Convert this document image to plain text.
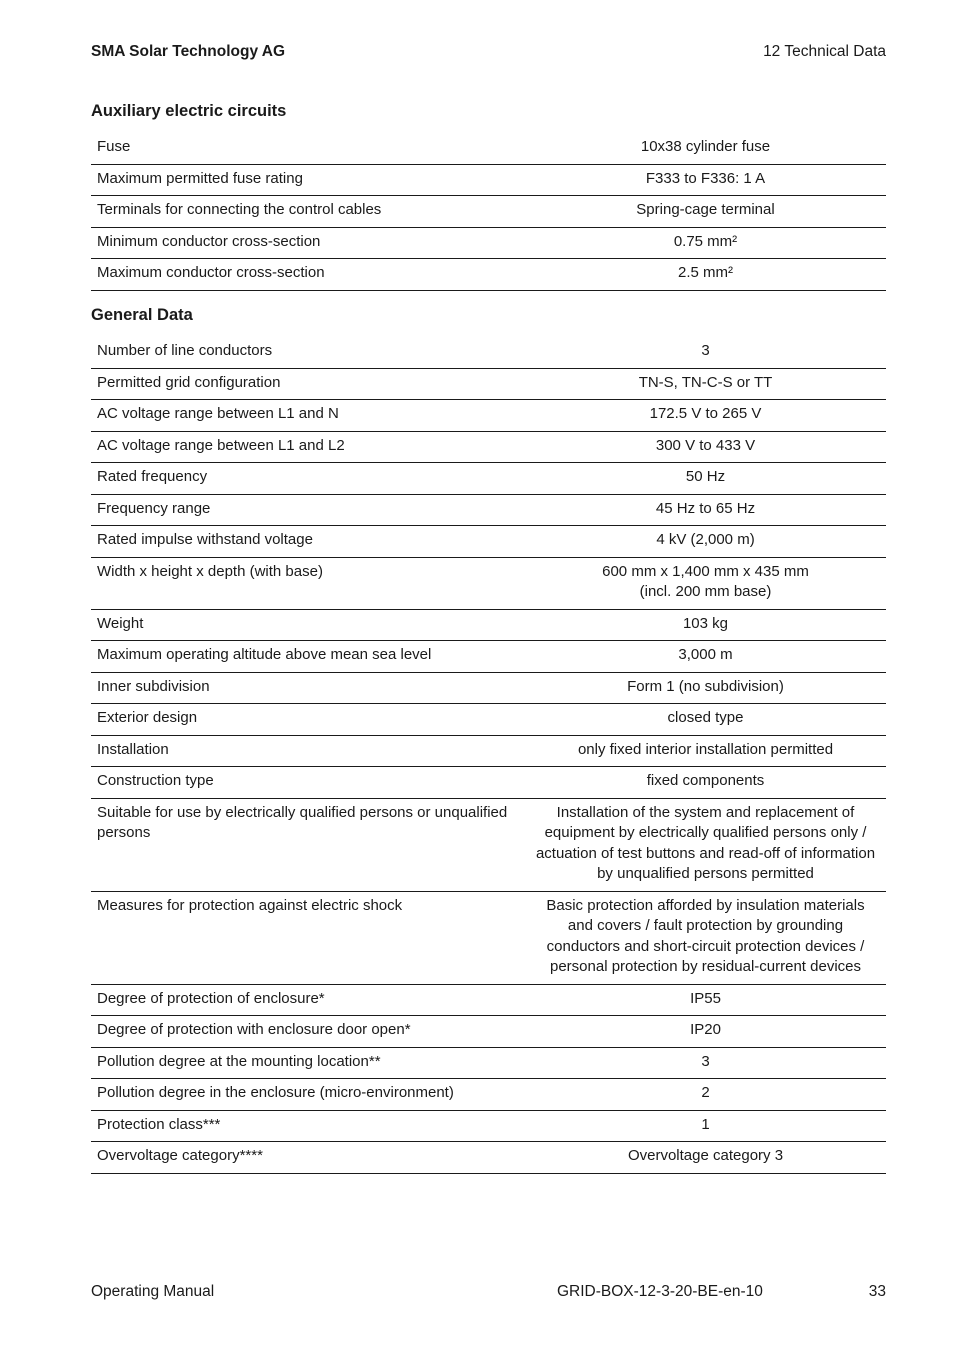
SMA Solar Technology AG	12 Technical Data
Auxiliary electric circuits
Fuse	10x38 cylinder fuse

Maximum permitted fuse rating	F333 to F336: 1 A

Terminals for connecting the control cables	Spring-cage terminal

Minimum conductor cross-section	0.75 mm²

Maximum conductor cross-section	2.5 mm²
General Data
Number of line conductors	3

Permitted grid configuration	TN-S, TN-C-S or TT

AC voltage range between L1 and N	172.5 V to 265 V

AC voltage range between L1 and L2	300 V to 433 V

Rated frequency	50 Hz

Frequency range	45 Hz to 65 Hz

Rated impulse withstand voltage	4 kV (2,000 m)

Width x height x depth (with base)	600 mm x 1,400 mm x 435 mm
(incl. 200 mm base)

Weight	103 kg

Maximum operating altitude above mean sea level	3,000 m

Inner subdivision	Form 1 (no subdivision)

Exterior design	closed type

Installation	only fixed interior installation permitted

Construction type	fixed components

Suitable for use by electrically qualified persons or unqualified persons	Installation of the system and replacement of equipment by electrically qualified persons only / actuation of test buttons and read-off of information by unqualified persons permitted

Measures for protection against electric shock	Basic protection afforded by insulation materials and covers / fault protection by grounding conductors and short-circuit protection devices / personal protection by residual-current devices

Degree of protection of enclosure*	IP55

Degree of protection with enclosure door open*	IP20

Pollution degree at the mounting location**	3

Pollution degree in the enclosure (micro-environment)	2

Protection class***	1

Overvoltage category****	Overvoltage category 3
Operating Manual	GRID-BOX-12-3-20-BE-en-10	33
